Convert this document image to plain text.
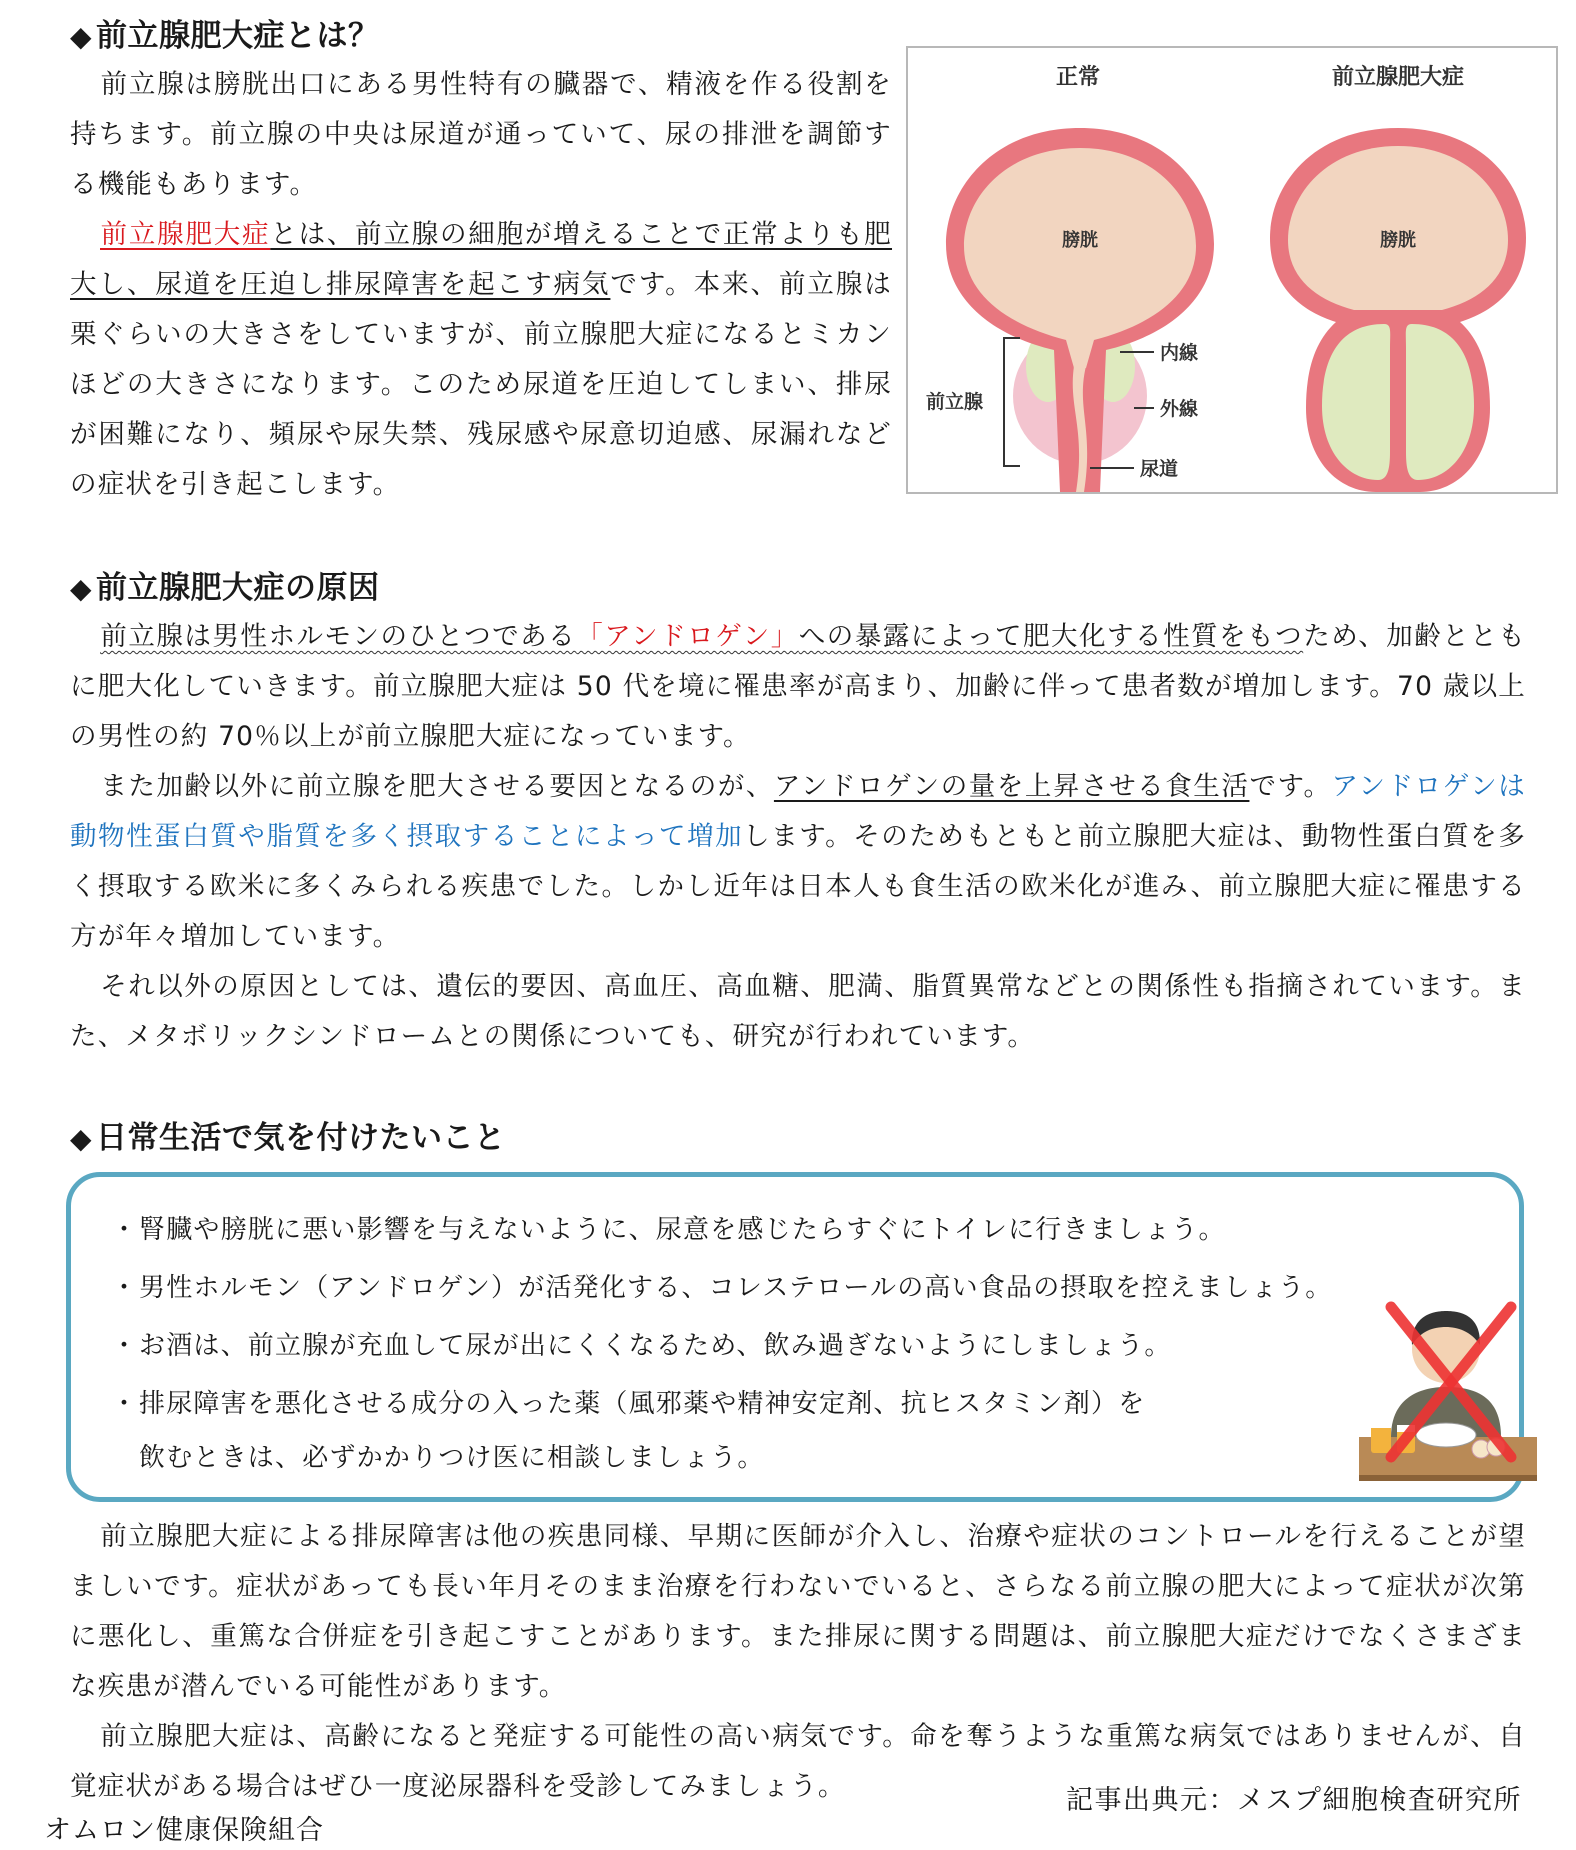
◆ 前立腺肥大症とは？
前立腺は膀胱出口にある男性特有の臓器で、精液を作る役割を持ちます。前立腺の中央は尿道が通っていて、尿の排泄を調節する機能もあります。
前立腺肥大症とは、前立腺の細胞が増えることで正常よりも肥大し、尿道を圧迫し排尿障害を起こす病気です。本来、前立腺は栗ぐらいの大きさをしていますが、前立腺肥大症になるとミカンほどの大きさになります。このため尿道を圧迫してしまい、排尿が困難になり、頻尿や尿失禁、残尿感や尿意切迫感、尿漏れなどの症状を引き起こします。
正常	前立腺肥大症
膀胱	膀胱
前立腺
内線
外線
尿道
◆ 前立腺肥大症の原因
前立腺は男性ホルモンのひとつである「アンドロゲン」への暴露によって肥大化する性質をもつため、加齢とともに肥大化していきます。前立腺肥大症は 50 代を境に罹患率が高まり、加齢に伴って患者数が増加します。70 歳以上の男性の約 70％以上が前立腺肥大症になっています。
また加齢以外に前立腺を肥大させる要因となるのが、アンドロゲンの量を上昇させる食生活です。アンドロゲンは動物性蛋白質や脂質を多く摂取することによって増加します。そのためもともと前立腺肥大症は、動物性蛋白質を多く摂取する欧米に多くみられる疾患でした。しかし近年は日本人も食生活の欧米化が進み、前立腺肥大症に罹患する方が年々増加しています。
それ以外の原因としては、遺伝的要因、高血圧、高血糖、肥満、脂質異常などとの関係性も指摘されています。また、メタボリックシンドロームとの関係についても、研究が行われています。
◆ 日常生活で気を付けたいこと
・腎臓や膀胱に悪い影響を与えないように、尿意を感じたらすぐにトイレに行きましょう。
・男性ホルモン（アンドロゲン）が活発化する、コレステロールの高い食品の摂取を控えましょう。
・お酒は、前立腺が充血して尿が出にくくなるため、飲み過ぎないようにしましょう。
・排尿障害を悪化させる成分の入った薬（風邪薬や精神安定剤、抗ヒスタミン剤）を
飲むときは、必ずかかりつけ医に相談しましょう。
前立腺肥大症による排尿障害は他の疾患同様、早期に医師が介入し、治療や症状のコントロールを行えることが望ましいです。症状があっても長い年月そのまま治療を行わないでいると、さらなる前立腺の肥大によって症状が次第に悪化し、重篤な合併症を引き起こすことがあります。また排尿に関する問題は、前立腺肥大症だけでなくさまざまな疾患が潜んでいる可能性があります。
前立腺肥大症は、高齢になると発症する可能性の高い病気です。命を奪うような重篤な病気ではありませんが、自覚症状がある場合はぜひ一度泌尿器科を受診してみましょう。
オムロン健康保険組合
記事出典元：メスプ細胞検査研究所
